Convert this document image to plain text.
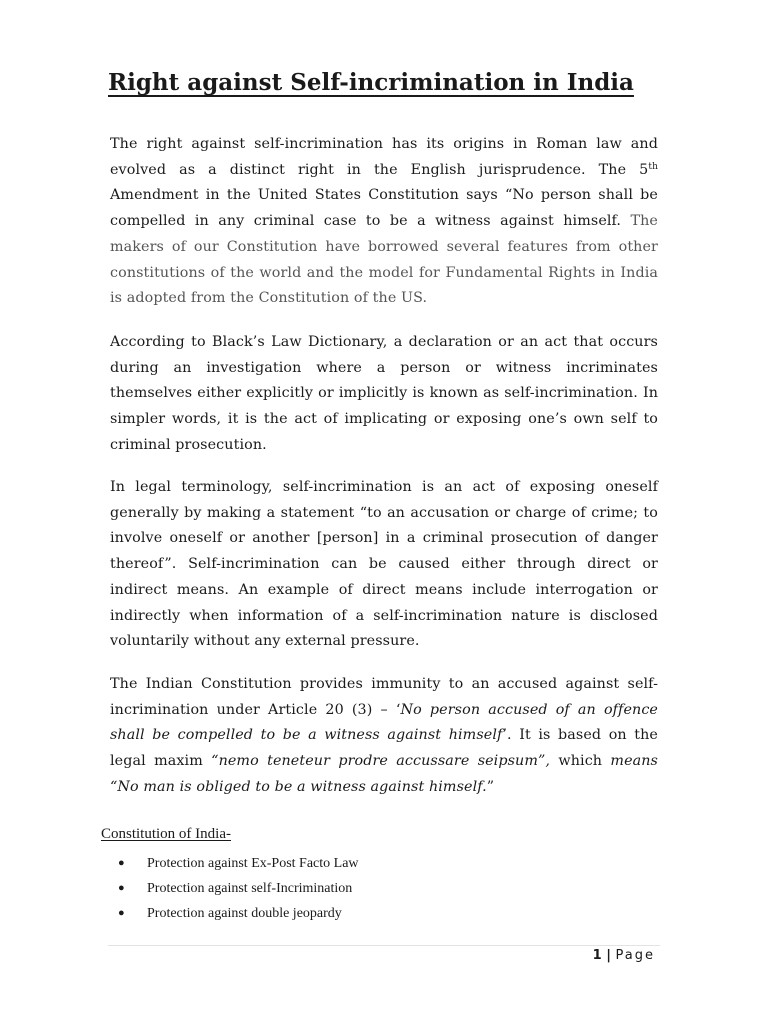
Right against Self-incrimination in India
The right against self-incrimination has its origins in Roman law and evolved as a distinct right in the English jurisprudence. The 5th Amendment in the United States Constitution says “No person shall be compelled in any criminal case to be a witness against himself. The makers of our Constitution have borrowed several features from other constitutions of the world and the model for Fundamental Rights in India is adopted from the Constitution of the US.
According to Black’s Law Dictionary, a declaration or an act that occurs during an investigation where a person or witness incriminates themselves either explicitly or implicitly is known as self-incrimination. In simpler words, it is the act of implicating or exposing one’s own self to criminal prosecution.
In legal terminology, self-incrimination is an act of exposing oneself generally by making a statement “to an accusation or charge of crime; to involve oneself or another [person] in a criminal prosecution of danger thereof”. Self-incrimination can be caused either through direct or indirect means. An example of direct means include interrogation or indirectly when information of a self-incrimination nature is disclosed voluntarily without any external pressure.
The Indian Constitution provides immunity to an accused against self-incrimination under Article 20 (3) – ‘No person accused of an offence shall be compelled to be a witness against himself’. It is based on the legal maxim “nemo teneteur prodre accussare seipsum”, which means “No man is obliged to be a witness against himself.”
Constitution of India-
●	Protection against Ex-Post Facto Law
●	Protection against self-Incrimination
●	Protection against double jeopardy
1 | Page
